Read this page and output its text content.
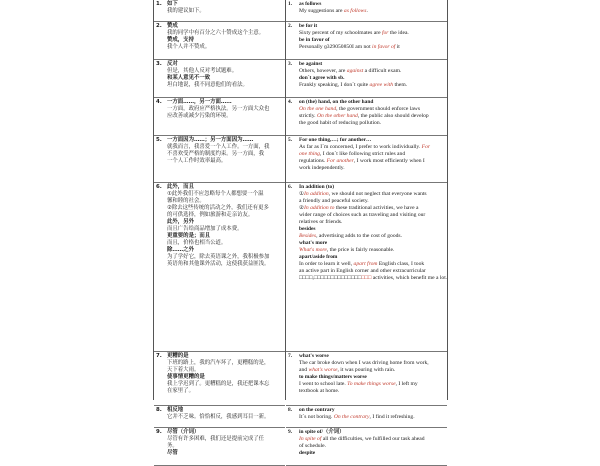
1. 如下
我的建议如下。
2. 赞成
我的同学中有百分之六十赞成这个主意。
赞成，支持
我个人并不赞成。
3. 反对
但是，其他人反对考试题难。
和某人意见不一致
坦白地说，我不同意他们的看法。
4. 一方面……，另一方面……
一方面，政府应严格执法。另一方面大众也
应改善或减少污染的环境。
5. 一方面因为……；另一方面因为……
就我而言，我喜爱一个人工作。一方面，我
不喜欢受严格的制度约束。另一方面，我
一个人工作时效率最高。
6. 此外，而且
①此外我们不应忽略每个人都想要一个温
馨和睦的社会。
②除去这些传统的活动之外，我们还有更多
的可供选择，例如旅游和走亲访友。
此外，另外
而且广告给商品增加了成本费。
更重要的是；而且
而且，价格也相当公道。
除……之外
为了学好它，除去英语课之外，我积极参加
英语角和其他课外活动，这使我获益匪浅。
7. 更糟的是
下班的路上，我的汽车坏了，更糟糕的是，
天下着大雨。
使事情更糟的是
我上学迟到了。更糟糕的是，我还把课本忘
在家里了。
8. 相反地
它并不乏味。恰恰相反，我感到耳目一新。
9. 尽管（介词）
尽管有许多困难，我们还是提前完成了任
务。
尽管
1. as follows
My suggestions are as follows.
2. be for it
Sixty percent of my schoolmates are for the idea.
be in favor of
Personally ɡ329050850I am not in favor of it
3. be against
Others, however, are against a difficult exam.
don´t agree with sb.
Frankly speaking, I don´t quite agree with them.
4. on (the) hand, on the other hand
On the one hand, the government should enforce laws
strictly. On the other hand, the public also should develop
the good habit of reducing pollution.
5. For one thing,…; for another…
As far as I´m concerned, I prefer to work individually. For
one thing, I don´t like following strict rules and
regulations. For another, I work most efficiently when I
work independently.
6. In addition (to)
①In addition, we should not neglect that everyone wants
a friendly and peaceful society.
②In addition to these traditional activities, we have a
wider range of choices such as traveling and visiting our
relatives or friends.
besides
Besides, advertising adds to the cost of goods.
what's more
What's more, the price is fairly reasonable.
apart/aside from
In order to learn it well, apart from English class, I took
an active part in English corner and other extracurricular
□□□□,□□□□□□□□□□□□□□□□□ activities, which benefit me a lot.
7. what's worse
The car broke down when I was driving home from work,
and what's worse, it was pouring with rain.
to make things/matters worse
I went to school late. To make things worse, I left my
textbook at home.
8. on the contrary
It´s not boring. On the contrary, I find it refreshing.
9. in spite of/（介词）
In spite of all the difficulties, we fulfilled our task ahead
of schedule.
despite
